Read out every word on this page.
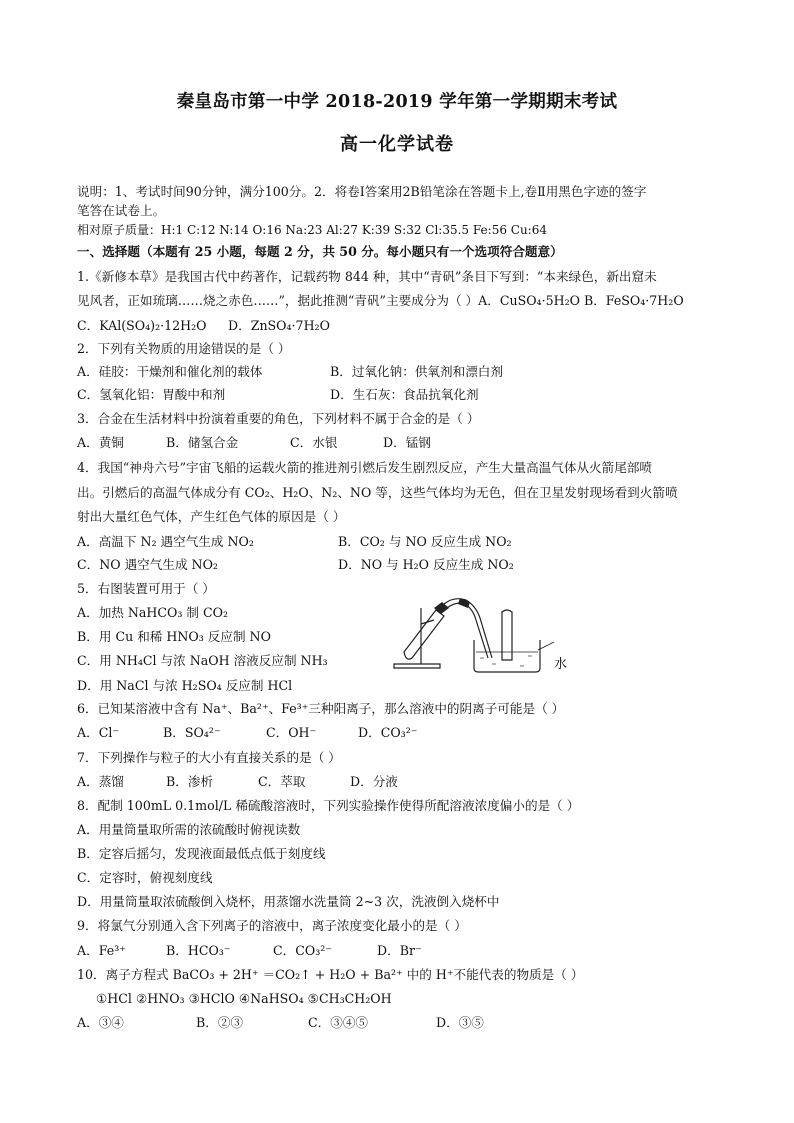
秦皇岛市第一中学 2018-2019 学年第一学期期末考试
高一化学试卷
说明：1、考试时间90分钟，满分100分。2．将卷Ⅰ答案用2B铅笔涂在答题卡上,卷Ⅱ用黑色字迹的签字
笔答在试卷上。
相对原子质量：H:1 C:12 N:14 O:16 Na:23 Al:27 K:39 S:32 Cl:35.5 Fe:56 Cu:64
一、选择题（本题有 25 小题，每题 2 分，共 50 分。每小题只有一个选项符合题意）
1.《新修本草》是我国古代中药著作，记载药物 844 种，其中“青矾”条目下写到：“本来绿色，新出窟未
见风者，正如琉璃……烧之赤色……”，据此推测“青矾”主要成分为（ ）A．CuSO₄·5H₂O B．FeSO₄·7H₂O
C．KAl(SO₄)₂·12H₂O D．ZnSO₄·7H₂O
2．下列有关物质的用途错误的是（ ）
A．硅胶：干燥剂和催化剂的载体	B．过氧化钠：供氧剂和漂白剂
C．氢氧化铝：胃酸中和剂	D．生石灰：食品抗氧化剂
3．合金在生活材料中扮演着重要的角色，下列材料不属于合金的是（ ）
A．黄铜	B．储氢合金	C．水银	D．锰钢
4．我国“神舟六号”宇宙飞船的运载火箭的推进剂引燃后发生剧烈反应，产生大量高温气体从火箭尾部喷
出。引燃后的高温气体成分有 CO₂、H₂O、N₂、NO 等，这些气体均为无色，但在卫星发射现场看到火箭喷
射出大量红色气体，产生红色气体的原因是（ ）
A．高温下 N₂ 遇空气生成 NO₂	B．CO₂ 与 NO 反应生成 NO₂
C．NO 遇空气生成 NO₂	D．NO 与 H₂O 反应生成 NO₂
5．右图装置可用于（ ）
A．加热 NaHCO₃ 制 CO₂
B．用 Cu 和稀 HNO₃ 反应制 NO
C．用 NH₄Cl 与浓 NaOH 溶液反应制 NH₃
D．用 NaCl 与浓 H₂SO₄ 反应制 HCl
水
6．已知某溶液中含有 Na⁺、Ba²⁺、Fe³⁺三种阳离子，那么溶液中的阴离子可能是（ ）
A．Cl⁻	B．SO₄²⁻	C．OH⁻	D．CO₃²⁻
7．下列操作与粒子的大小有直接关系的是（ ）
A．蒸馏	B．渗析	C．萃取	D．分液
8．配制 100mL 0.1mol/L 稀硫酸溶液时，下列实验操作使得所配溶液浓度偏小的是（ ）
A．用量筒量取所需的浓硫酸时俯视读数
B．定容后摇匀，发现液面最低点低于刻度线
C．定容时，俯视刻度线
D．用量筒量取浓硫酸倒入烧杯，用蒸馏水洗量筒 2~3 次，洗液倒入烧杯中
9．将氯气分别通入含下列离子的溶液中，离子浓度变化最小的是（ ）
A．Fe³⁺	B．HCO₃⁻	C．CO₃²⁻	D．Br⁻
10．离子方程式 BaCO₃ + 2H⁺ ＝CO₂↑ + H₂O + Ba²⁺ 中的 H⁺不能代表的物质是（ ）
①HCl ②HNO₃ ③HClO ④NaHSO₄ ⑤CH₃CH₂OH
A．③④	B．②③	C．③④⑤	D．③⑤
